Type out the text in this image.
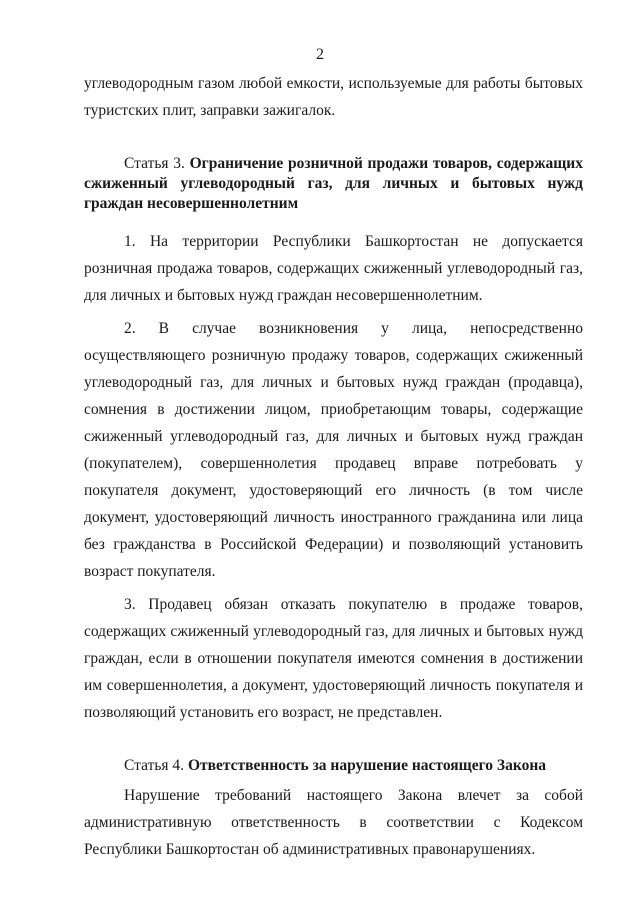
2

углеводородным газом любой емкости, используемые для работы бытовых туристских плит, заправки зажигалок.

Статья 3. Ограничение розничной продажи товаров, содержащих сжиженный углеводородный газ, для личных и бытовых нужд граждан несовершеннолетним

1. На территории Республики Башкортостан не допускается розничная продажа товаров, содержащих сжиженный углеводородный газ, для личных и бытовых нужд граждан несовершеннолетним.

2. В случае возникновения у лица, непосредственно осуществляющего розничную продажу товаров, содержащих сжиженный углеводородный газ, для личных и бытовых нужд граждан (продавца), сомнения в достижении лицом, приобретающим товары, содержащие сжиженный углеводородный газ, для личных и бытовых нужд граждан (покупателем), совершеннолетия продавец вправе потребовать у покупателя документ, удостоверяющий его личность (в том числе документ, удостоверяющий личность иностранного гражданина или лица без гражданства в Российской Федерации) и позволяющий установить возраст покупателя.

3. Продавец обязан отказать покупателю в продаже товаров, содержащих сжиженный углеводородный газ, для личных и бытовых нужд граждан, если в отношении покупателя имеются сомнения в достижении им совершеннолетия, а документ, удостоверяющий личность покупателя и позволяющий установить его возраст, не представлен.

Статья 4. Ответственность за нарушение настоящего Закона

Нарушение требований настоящего Закона влечет за собой административную ответственность в соответствии с Кодексом Республики Башкортостан об административных правонарушениях.
